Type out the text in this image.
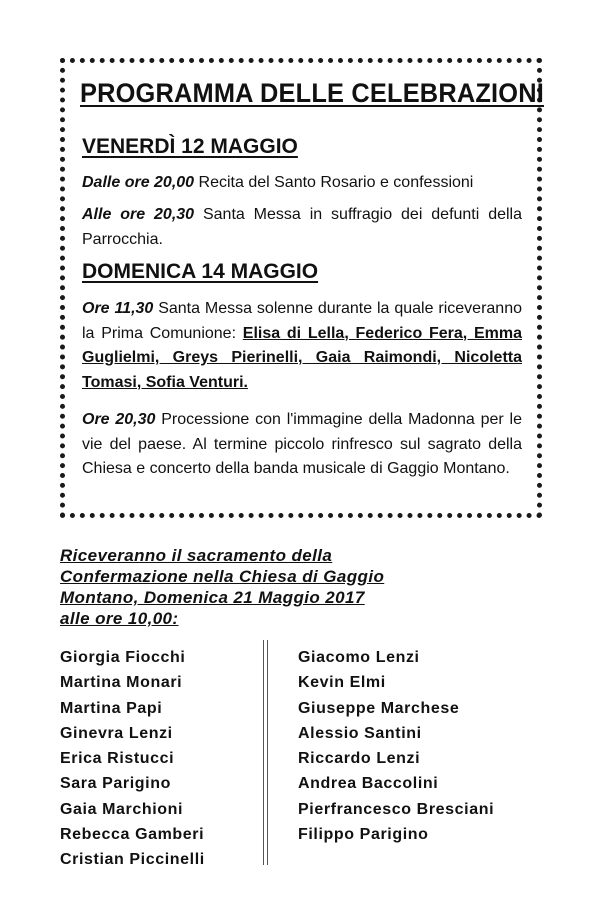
PROGRAMMA DELLE CELEBRAZIONI
VENERDÌ 12 MAGGIO
Dalle ore 20,00 Recita del Santo Rosario e confessioni
Alle ore 20,30 Santa Messa in suffragio dei defunti della Parrocchia.
DOMENICA 14 MAGGIO
Ore 11,30 Santa Messa solenne durante la quale riceveranno la Prima Comunione: Elisa di Lella, Federico Fera, Emma Guglielmi, Greys Pierinelli, Gaia Raimondi, Nicoletta Tomasi, Sofia Venturi.
Ore 20,30 Processione con l'immagine della Madonna per le vie del paese. Al termine piccolo rinfresco sul sagrato della Chiesa e concerto della banda musicale di Gaggio Montano.
Riceveranno il sacramento della
Confermazione nella Chiesa di Gaggio
Montano, Domenica 21 Maggio 2017
alle ore 10,00:
Giorgia Fiocchi
Martina Monari
Martina Papi
Ginevra Lenzi
Erica Ristucci
Sara Parigino
Gaia Marchioni
Rebecca Gamberi
Cristian Piccinelli
Giacomo Lenzi
Kevin Elmi
Giuseppe Marchese
Alessio Santini
Riccardo Lenzi
Andrea Baccolini
Pierfrancesco Bresciani
Filippo Parigino
